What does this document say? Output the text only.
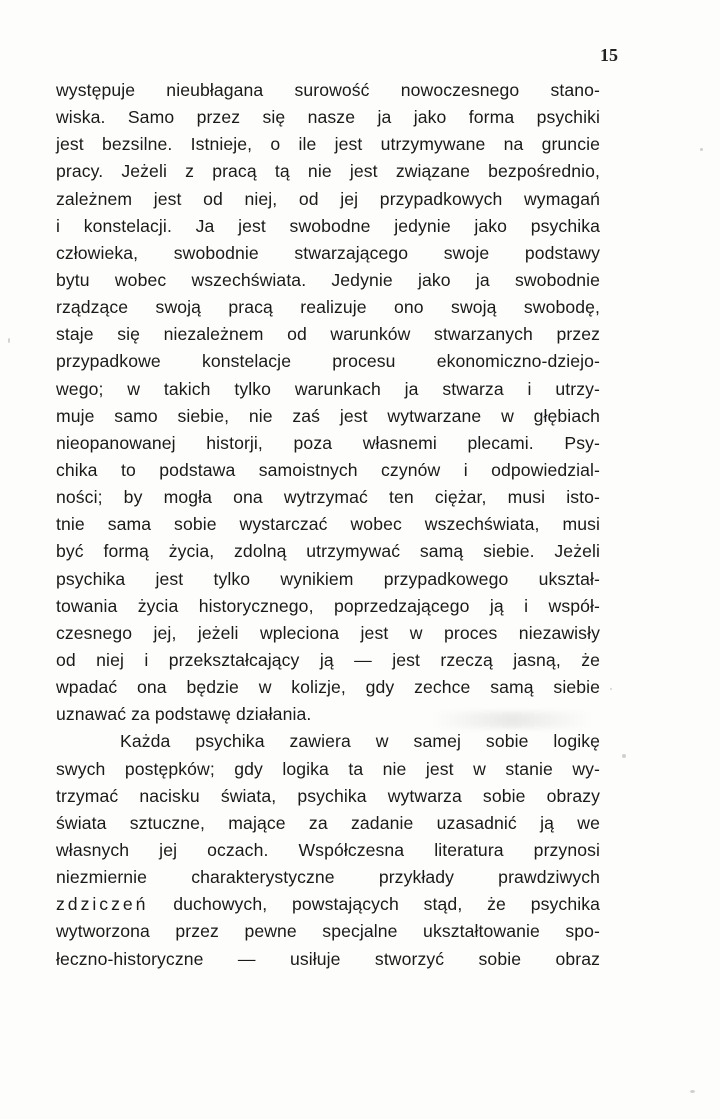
15
występuje nieubłagana surowość nowoczesnego stano-
wiska. Samo przez się nasze ja jako forma psychiki
jest bezsilne. Istnieje, o ile jest utrzymywane na gruncie
pracy. Jeżeli z pracą tą nie jest związane bezpośrednio,
zależnem jest od niej, od jej przypadkowych wymagań
i konstelacji. Ja jest swobodne jedynie jako psychika
człowieka, swobodnie stwarzającego swoje podstawy
bytu wobec wszechświata. Jedynie jako ja swobodnie
rządzące swoją pracą realizuje ono swoją swobodę,
staje się niezależnem od warunków stwarzanych przez
przypadkowe konstelacje procesu ekonomiczno-dziejo-
wego; w takich tylko warunkach ja stwarza i utrzy-
muje samo siebie, nie zaś jest wytwarzane w głębiach
nieopanowanej historji, poza własnemi plecami. Psy-
chika to podstawa samoistnych czynów i odpowiedzial-
ności; by mogła ona wytrzymać ten ciężar, musi isto-
tnie sama sobie wystarczać wobec wszechświata, musi
być formą życia, zdolną utrzymywać samą siebie. Jeżeli
psychika jest tylko wynikiem przypadkowego ukształ-
towania życia historycznego, poprzedzającego ją i współ-
czesnego jej, jeżeli wpleciona jest w proces niezawisły
od niej i przekształcający ją — jest rzeczą jasną, że
wpadać ona będzie w kolizje, gdy zechce samą siebie
uznawać za podstawę działania.
Każda psychika zawiera w samej sobie logikę
swych postępków; gdy logika ta nie jest w stanie wy-
trzymać nacisku świata, psychika wytwarza sobie obrazy
świata sztuczne, mające za zadanie uzasadnić ją we
własnych jej oczach. Współczesna literatura przynosi
niezmiernie charakterystyczne przykłady prawdziwych
zdziczeń duchowych, powstających stąd, że psychika
wytworzona przez pewne specjalne ukształtowanie spo-
łeczno-historyczne — usiłuje stworzyć sobie obraz
